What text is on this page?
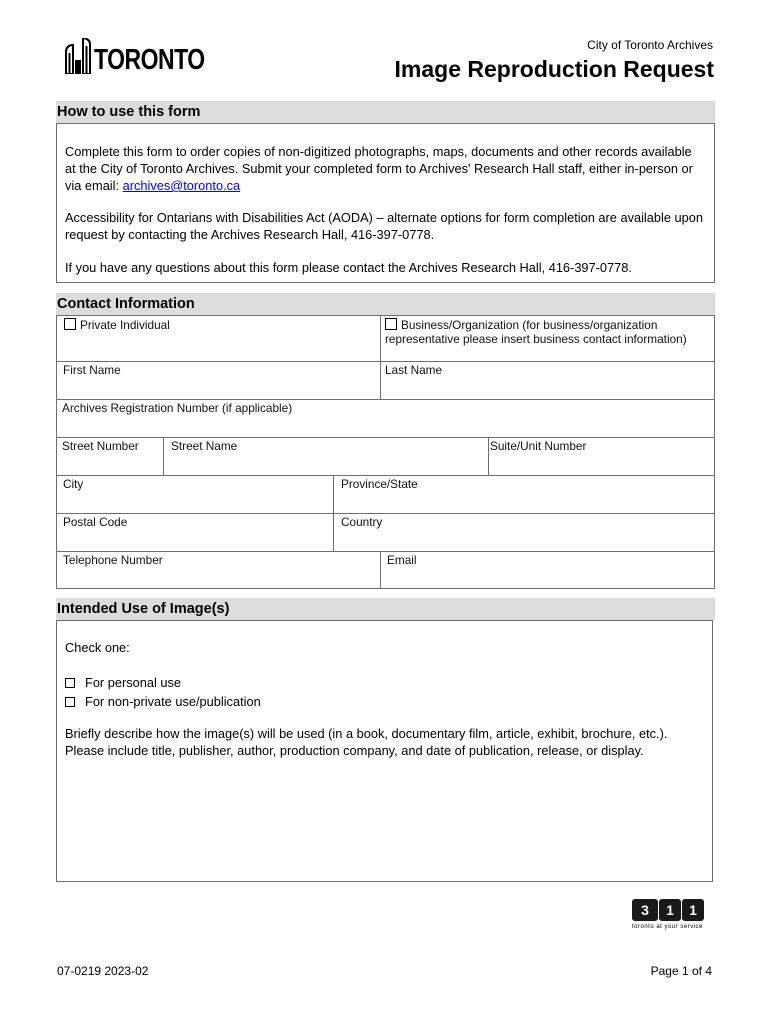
TORONTO	City of Toronto Archives
Image Reproduction Request
How to use this form
Complete this form to order copies of non-digitized photographs, maps, documents and other records available at the City of Toronto Archives. Submit your completed form to Archives' Research Hall staff, either in-person or via email: archives@toronto.ca
Accessibility for Ontarians with Disabilities Act (AODA) – alternate options for form completion are available upon request by contacting the Archives Research Hall, 416-397-0778.
If you have any questions about this form please contact the Archives Research Hall, 416-397-0778.
Contact Information
Private Individual	Business/Organization (for business/organization representative please insert business contact information)
First Name	Last Name
Archives Registration Number (if applicable)
Street Number	Street Name	Suite/Unit Number
City	Province/State
Postal Code	Country
Telephone Number	Email
Intended Use of Image(s)
Check one:
For personal use
For non-private use/publication
Briefly describe how the image(s) will be used (in a book, documentary film, article, exhibit, brochure, etc.). Please include title, publisher, author, production company, and date of publication, release, or display.
3	1	1
toronto at your service
07-0219 2023-02	Page 1 of 4
